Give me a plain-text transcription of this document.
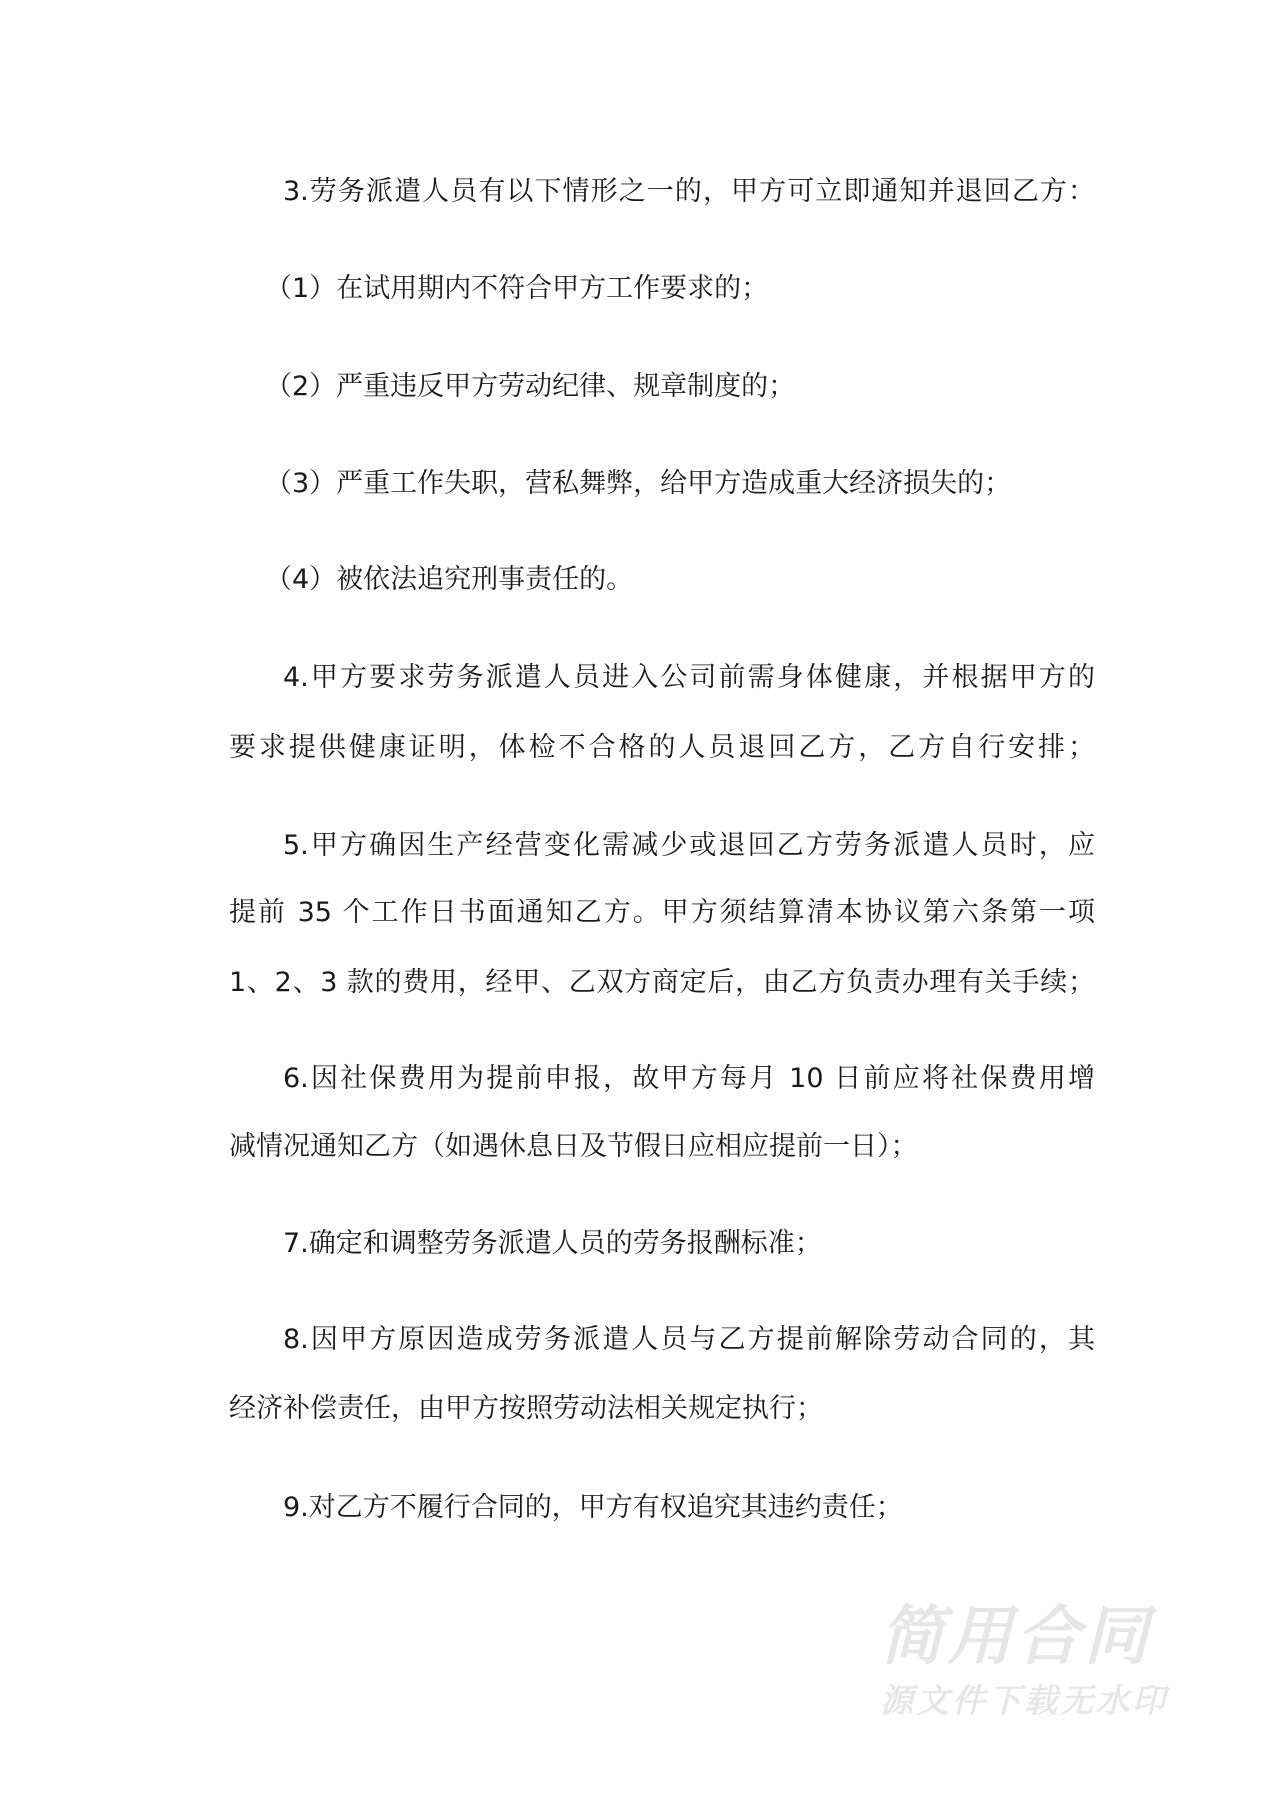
3.劳务派遣人员有以下情形之一的，甲方可立即通知并退回乙方：
（1）在试用期内不符合甲方工作要求的；
（2）严重违反甲方劳动纪律、规章制度的；
（3）严重工作失职，营私舞弊，给甲方造成重大经济损失的；
（4）被依法追究刑事责任的。
4.甲方要求劳务派遣人员进入公司前需身体健康，并根据甲方的
要求提供健康证明，体检不合格的人员退回乙方，乙方自行安排；
5.甲方确因生产经营变化需减少或退回乙方劳务派遣人员时，应
提前 35 个工作日书面通知乙方。甲方须结算清本协议第六条第一项
1、2、3 款的费用，经甲、乙双方商定后，由乙方负责办理有关手续；
6.因社保费用为提前申报，故甲方每月 10 日前应将社保费用增
减情况通知乙方（如遇休息日及节假日应相应提前一日）；
7.确定和调整劳务派遣人员的劳务报酬标准；
8.因甲方原因造成劳务派遣人员与乙方提前解除劳动合同的，其
经济补偿责任，由甲方按照劳动法相关规定执行；
9.对乙方不履行合同的，甲方有权追究其违约责任；
简用合同
源文件下载无水印
